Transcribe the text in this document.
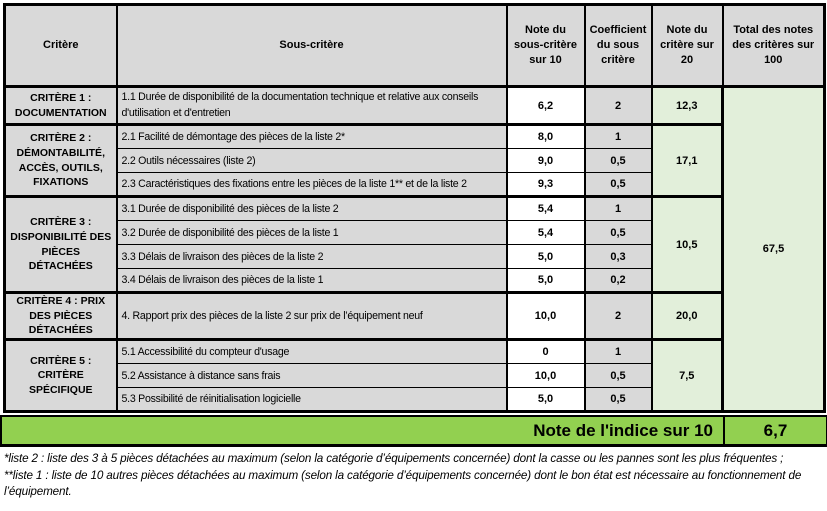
Critère	Sous-critère	Note du sous-critère sur 10	Coefficient du sous critère	Note du critère sur 20	Total des notes des critères sur 100
CRITÈRE 1 : DOCUMENTATION	1.1 Durée de disponibilité de la documentation technique et relative aux conseils d'utilisation et d'entretien	6,2	2	12,3	67,5
CRITÈRE 2 : DÉMONTABILITÉ, ACCÈS, OUTILS, FIXATIONS	2.1 Facilité de démontage des pièces de la liste 2*	8,0	1	17,1	
	2.2 Outils nécessaires (liste 2)	9,0	0,5		
	2.3 Caractéristiques des fixations entre les pièces de la liste 1** et de la liste 2	9,3	0,5		
CRITÈRE 3 : DISPONIBILITÉ DES PIÈCES DÉTACHÉES	3.1 Durée de disponibilité des pièces de la liste 2	5,4	1	10,5	
	3.2 Durée de disponibilité des pièces de la liste 1	5,4	0,5		
	3.3 Délais de livraison des pièces de la liste 2	5,0	0,3		
	3.4 Délais de livraison des pièces de la liste 1	5,0	0,2		
CRITÈRE 4 : PRIX DES PIÈCES DÉTACHÉES	4. Rapport prix des pièces de la liste 2 sur prix de l’équipement neuf	10,0	2	20,0	
CRITÈRE 5 : CRITÈRE SPÉCIFIQUE	5.1 Accessibilité du compteur d'usage	0	1	7,5	
	5.2 Assistance à distance sans frais	10,0	0,5		
	5.3 Possibilité de réinitialisation logicielle	5,0	0,5		
Note de l'indice sur 10	6,7

*liste 2 : liste des 3 à 5 pièces détachées au maximum (selon la catégorie d’équipements concernée) dont la casse ou les pannes sont les plus fréquentes ;

**liste 1 : liste de 10 autres pièces détachées au maximum (selon la catégorie d’équipements concernée) dont le bon état est nécessaire au fonctionnement de l’équipement.
